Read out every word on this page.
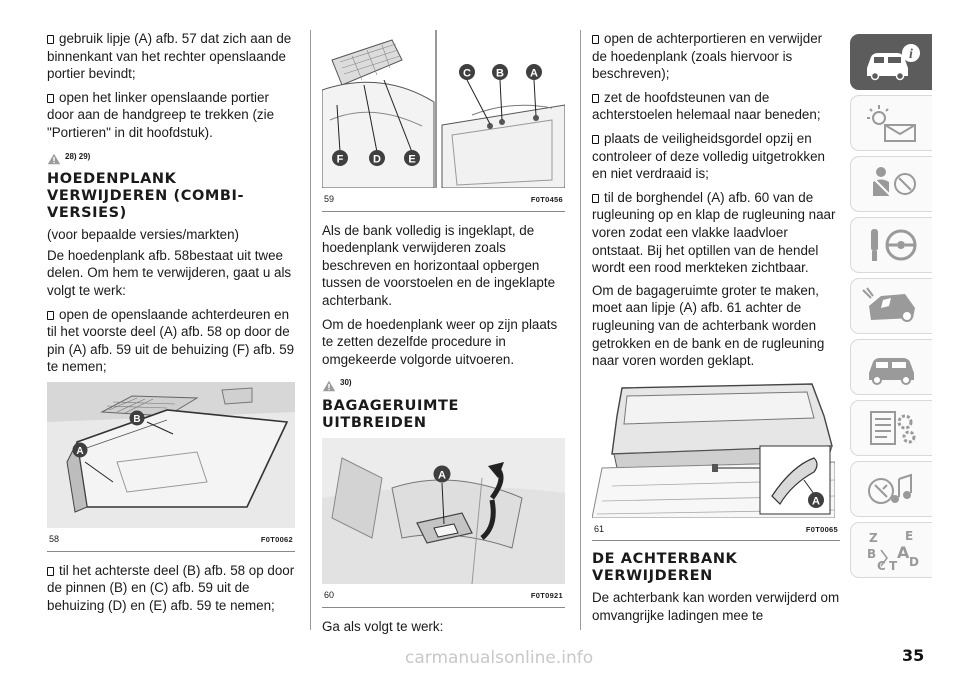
gebruik lipje (A) afb. 57 dat zich aan de binnenkant van het rechter openslaande portier bevindt;

open het linker openslaande portier door aan de handgreep te trekken (zie "Portieren" in dit hoofdstuk).

28) 29)
HOEDENPLANK VERWIJDEREN (COMBI-VERSIES)

(voor bepaalde versies/markten)

De hoedenplank afb. 58bestaat uit twee delen. Om hem te verwijderen, gaat u als volgt te werk:

open de openslaande achterdeuren en til het voorste deel (A) afb. 58 op door de pin (A) afb. 59 uit de behuizing (F) afb. 59 te nemen;

B
A
58	F0T0062

til het achterste deel (B) afb. 58 op door de pinnen (B) en (C) afb. 59 uit de behuizing (D) en (E) afb. 59 te nemen;

C B A
F	D E
59	F0T0456

Als de bank volledig is ingeklapt, de hoedenplank verwijderen zoals beschreven en horizontaal opbergen tussen de voorstoelen en de ingeklapte achterbank.

Om de hoedenplank weer op zijn plaats te zetten dezelfde procedure in omgekeerde volgorde uitvoeren.

30)
BAGAGERUIMTE UITBREIDEN
A
60	F0T0921

Ga als volgt te werk:

open de achterportieren en verwijder de hoedenplank (zoals hiervoor is beschreven);

zet de hoofdsteunen van de achterstoelen helemaal naar beneden;

plaats de veiligheidsgordel opzij en controleer of deze volledig uitgetrokken en niet verdraaid is;

til de borghendel (A) afb. 60 van de rugleuning op en klap de rugleuning naar voren zodat een vlakke laadvloer ontstaat. Bij het optillen van de hendel wordt een rood merkteken zichtbaar.

Om de bagageruimte groter te maken, moet aan lipje (A) afb. 61 achter de rugleuning van de achterbank worden getrokken en de bank en de rugleuning naar voren worden geklapt.

A
61	F0T0065
DE ACHTERBANK VERWIJDEREN

De achterbank kan worden verwijderd om omvangrijke ladingen mee te

i
Z E
B A
C T D
35
carmanualsonline.info
